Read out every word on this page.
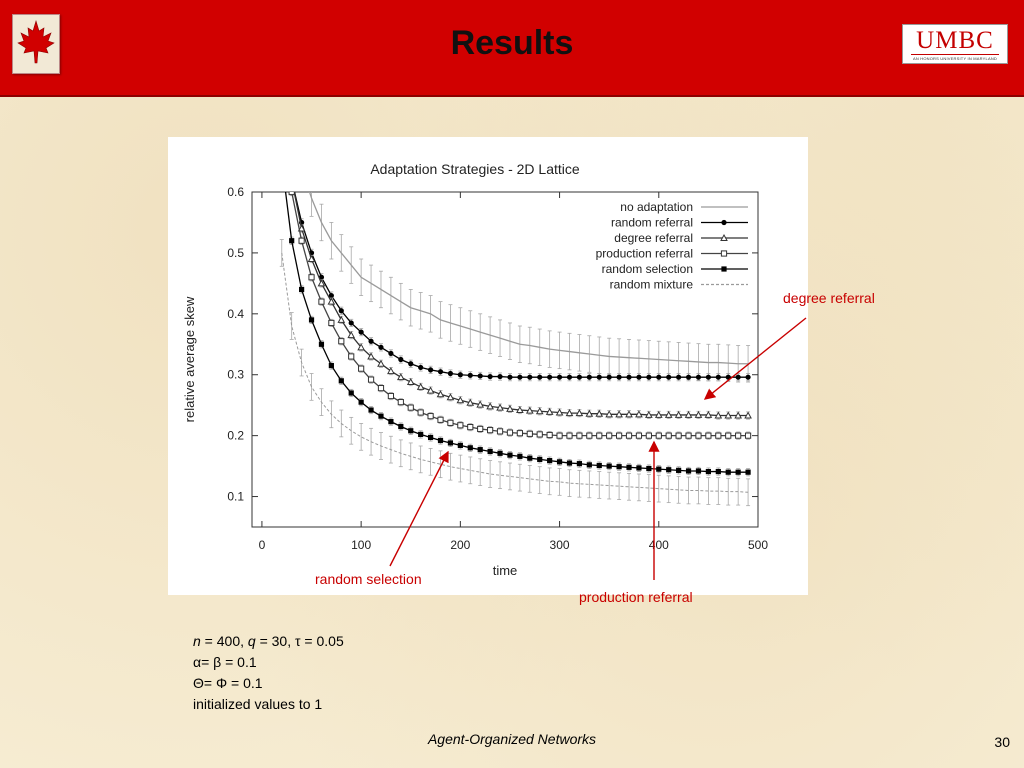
Results	UMBC
AN HONORS UNIVERSITY IN MARYLAND
Adaptation Strategies - 2D Lattice
0.1
0.2
0.3
0.4
0.5
0.6
0	100	200	300	400	500
time
relative average skew
no adaptation
random referral
degree referral
production referral
random selection
random mixture
degree referral
random selection
production referral
n = 400, q = 30, τ = 0.05
α= β = 0.1
Θ= Φ = 0.1
initialized values to 1
Agent-Organized Networks	30
